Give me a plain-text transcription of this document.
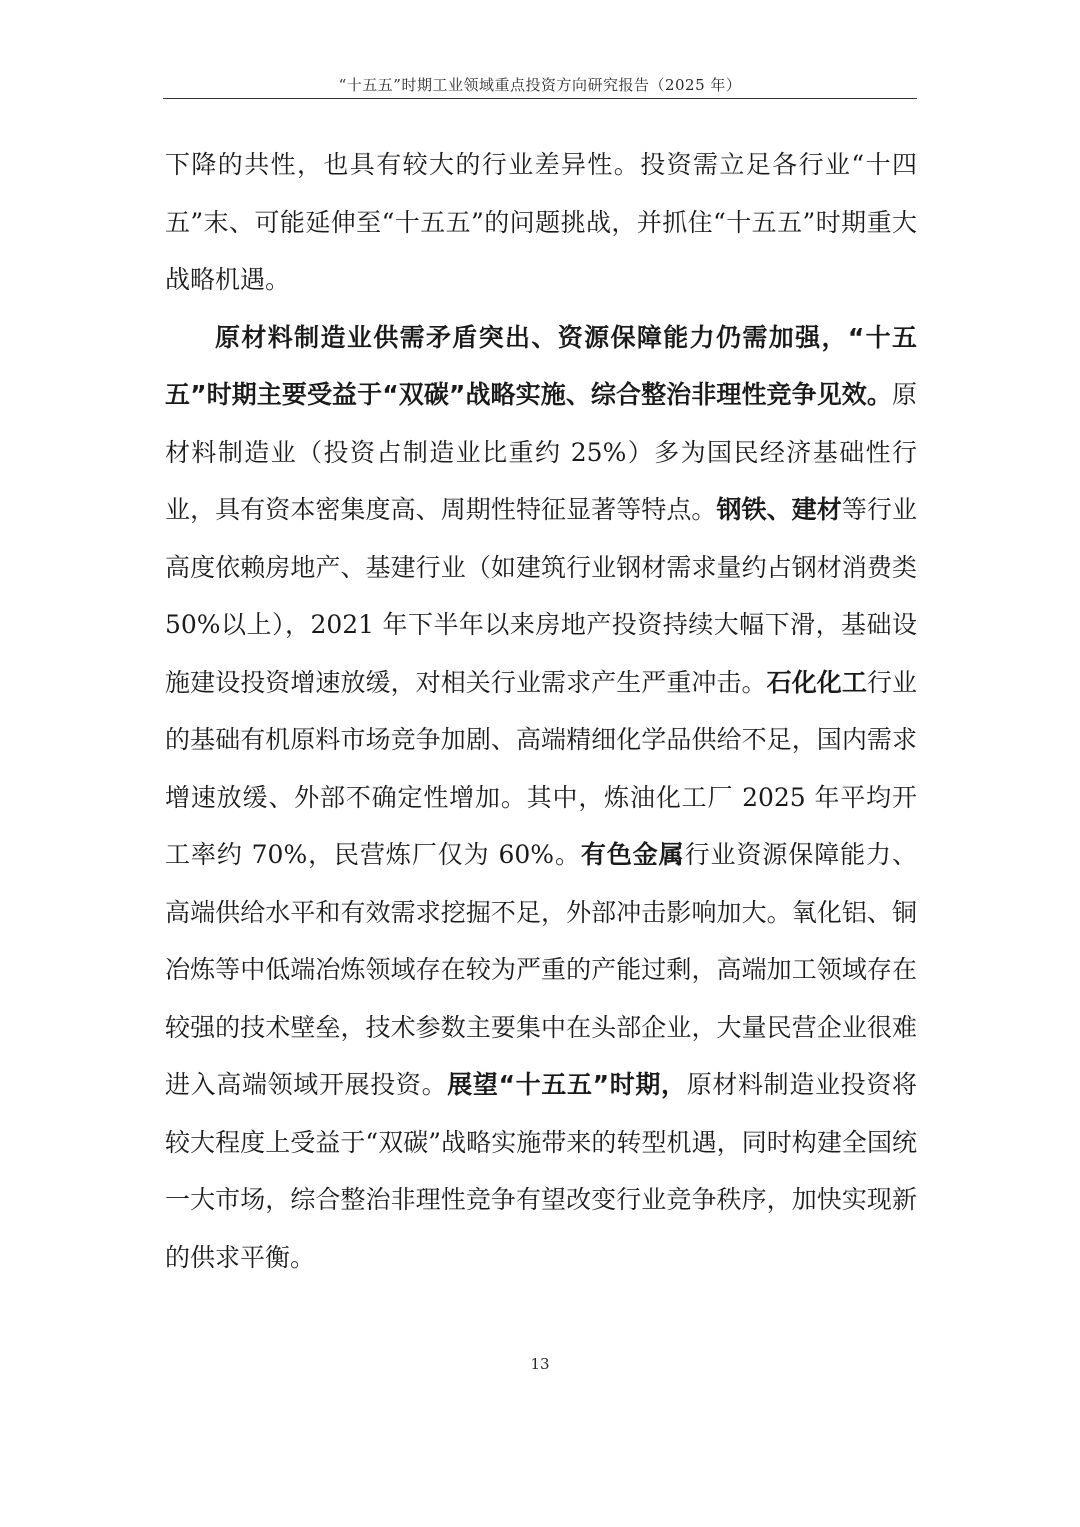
“十五五”时期工业领域重点投资方向研究报告（2025 年）

下降的共性，也具有较大的行业差异性。投资需立足各行业“十四五”末、可能延伸至“十五五”的问题挑战，并抓住“十五五”时期重大战略机遇。

原材料制造业供需矛盾突出、资源保障能力仍需加强，“十五五”时期主要受益于“双碳”战略实施、综合整治非理性竞争见效。原材料制造业（投资占制造业比重约 25%）多为国民经济基础性行业，具有资本密集度高、周期性特征显著等特点。钢铁、建材等行业高度依赖房地产、基建行业（如建筑行业钢材需求量约占钢材消费类 50%以上），2021 年下半年以来房地产投资持续大幅下滑，基础设施建设投资增速放缓，对相关行业需求产生严重冲击。石化化工行业的基础有机原料市场竞争加剧、高端精细化学品供给不足，国内需求增速放缓、外部不确定性增加。其中，炼油化工厂 2025 年平均开工率约 70%，民营炼厂仅为 60%。有色金属行业资源保障能力、高端供给水平和有效需求挖掘不足，外部冲击影响加大。氧化铝、铜冶炼等中低端冶炼领域存在较为严重的产能过剩，高端加工领域存在较强的技术壁垒，技术参数主要集中在头部企业，大量民营企业很难进入高端领域开展投资。展望“十五五”时期，原材料制造业投资将较大程度上受益于“双碳”战略实施带来的转型机遇，同时构建全国统一大市场，综合整治非理性竞争有望改变行业竞争秩序，加快实现新的供求平衡。

13
